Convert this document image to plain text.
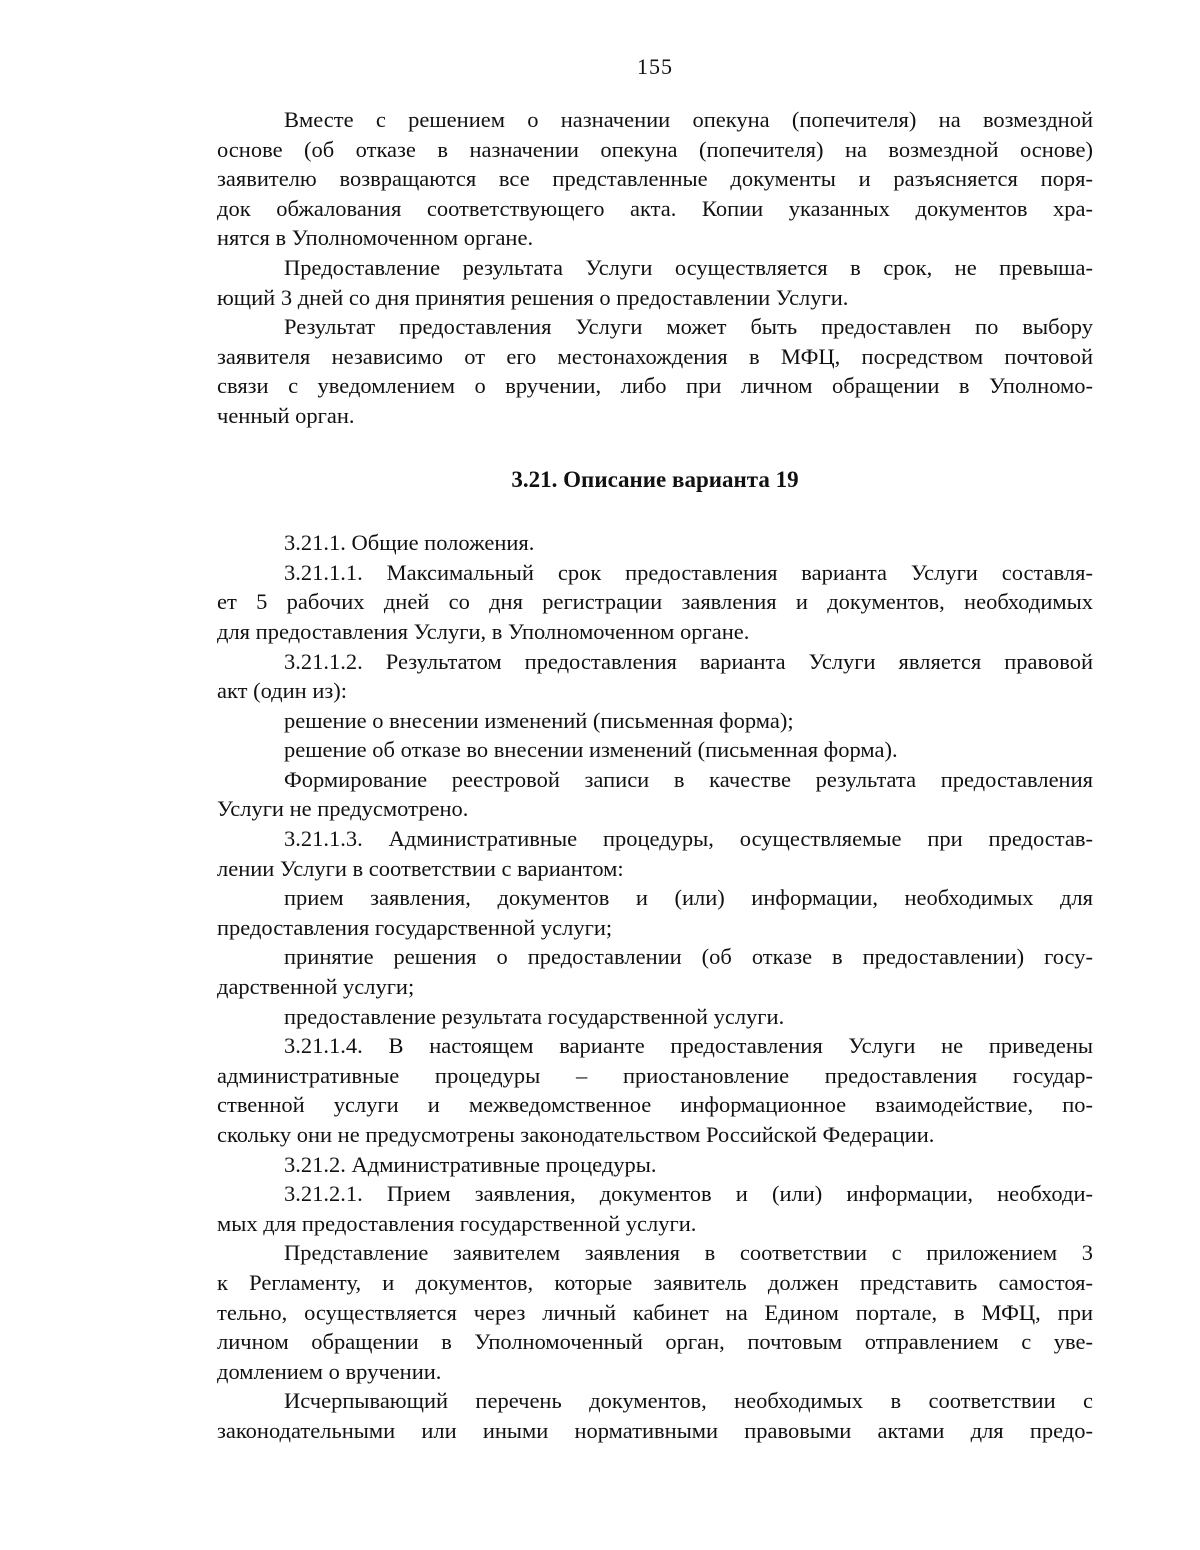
155
Вместе с решением о назначении опекуна (попечителя) на возмездной
основе (об отказе в назначении опекуна (попечителя) на возмездной основе)
заявителю возвращаются все представленные документы и разъясняется поря-
док обжалования соответствующего акта. Копии указанных документов хра-
нятся в Уполномоченном органе.
Предоставление результата Услуги осуществляется в срок, не превыша-
ющий 3 дней со дня принятия решения о предоставлении Услуги.
Результат предоставления Услуги может быть предоставлен по выбору
заявителя независимо от его местонахождения в МФЦ, посредством почтовой
связи с уведомлением о вручении, либо при личном обращении в Уполномо-
ченный орган.
3.21. Описание варианта 19
3.21.1. Общие положения.
3.21.1.1. Максимальный срок предоставления варианта Услуги составля-
ет 5 рабочих дней со дня регистрации заявления и документов, необходимых
для предоставления Услуги, в Уполномоченном органе.
3.21.1.2. Результатом предоставления варианта Услуги является правовой
акт (один из):
решение о внесении изменений (письменная форма);
решение об отказе во внесении изменений (письменная форма).
Формирование реестровой записи в качестве результата предоставления
Услуги не предусмотрено.
3.21.1.3. Административные процедуры, осуществляемые при предостав-
лении Услуги в соответствии с вариантом:
прием заявления, документов и (или) информации, необходимых для
предоставления государственной услуги;
принятие решения о предоставлении (об отказе в предоставлении) госу-
дарственной услуги;
предоставление результата государственной услуги.
3.21.1.4. В настоящем варианте предоставления Услуги не приведены
административные процедуры – приостановление предоставления государ-
ственной услуги и межведомственное информационное взаимодействие, по-
скольку они не предусмотрены законодательством Российской Федерации.
3.21.2. Административные процедуры.
3.21.2.1. Прием заявления, документов и (или) информации, необходи-
мых для предоставления государственной услуги.
Представление заявителем заявления в соответствии с приложением 3
к Регламенту, и документов, которые заявитель должен представить самостоя-
тельно, осуществляется через личный кабинет на Едином портале, в МФЦ, при
личном обращении в Уполномоченный орган, почтовым отправлением с уве-
домлением о вручении.
Исчерпывающий перечень документов, необходимых в соответствии с
законодательными или иными нормативными правовыми актами для предо-
